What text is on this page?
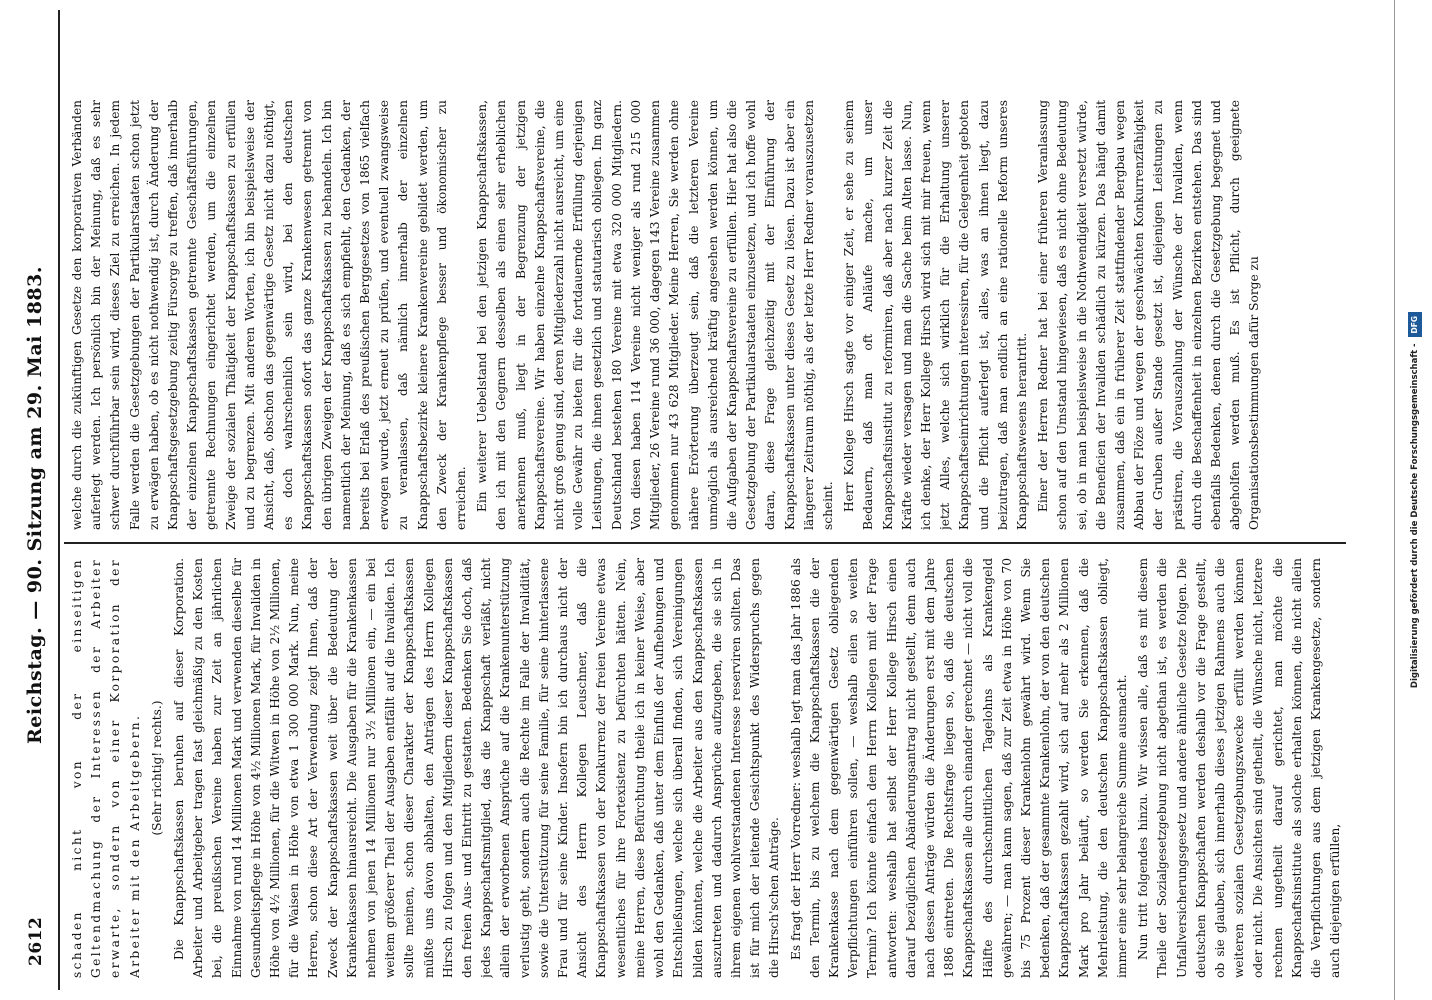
2612
Reichstag. — 90. Sitzung am 29. Mai 1883.

schaden nicht von der einseitigen Geltendmachung der Interessen der Arbeiter erwarte, sondern von einer Korporation der Arbeiter mit den Arbeitgebern. (Sehr richtig! rechts.) Die Knappschaftskassen beruhen auf dieser Korporation. Arbeiter und Arbeitgeber tragen fast gleichmäßig zu den Kosten bei, die preußischen Vereine haben zur Zeit an jährlichen Einnahme von rund 14 Millionen Mark und verwenden dieselbe für Gesundheitspflege in Höhe von 4½ Millionen Mark, für Invaliden in Höhe von 4½ Millionen, für die Witwen in Höhe von 2½ Millionen, für die Waisen in Höhe von etwa 1 300 000 Mark. Nun, meine Herren, schon diese Art der Verwendung zeigt Ihnen, daß der Zweck der Knappschaftskassen weit über die Bedeutung der Krankenkassen hinausreicht. Die Ausgaben für die Krankenkassen nehmen von jenen 14 Millionen nur 3½ Millionen ein, — ein bei weitem größerer Theil der Ausgaben entfällt auf die Invaliden. Ich sollte meinen, schon dieser Charakter der Knappschaftskassen müßte uns davon abhalten, den Anträgen des Herrn Kollegen Hirsch zu folgen und den Mitgliedern dieser Knappschaftskassen den freien Aus- und Eintritt zu gestatten. Bedenken Sie doch, daß jedes Knappschaftsmitglied, das die Knappschaft verläßt, nicht allein der erworbenen Ansprüche auf die Krankenunterstützung verlustig geht, sondern auch die Rechte im Falle der Invalidität, sowie die Unterstützung für seine Familie, für seine hinterlassene Frau und für seine Kinder. Insofern bin ich durchaus nicht der Ansicht des Herrn Kollegen Leuschner, daß die Knappschaftskassen von der Konkurrenz der freien Vereine etwas wesentliches für ihre Fortexistenz zu befürchten hätten. Nein, meine Herren, diese Befürchtung theile ich in keiner Weise, aber wohl den Gedanken, daß unter dem Einfluß der Aufhebungen und Entschließungen, welche sich überall finden, sich Vereinigungen bilden könnten, welche die Arbeiter aus den Knappschaftskassen auszutreten und dadurch Ansprüche aufzugeben, die sie sich in ihrem eigenen wohlverstandenen Interesse reserviren sollten. Das ist für mich der leitende Gesichtspunkt des Widerspruchs gegen die Hirsch'schen Anträge. Es fragt der Herr Vorredner: weshalb legt man das Jahr 1886 als den Termin, bis zu welchem die Knappschaftskassen die der Krankenkasse nach dem gegenwärtigen Gesetz obliegenden Verpflichtungen einführen sollen, — weshalb eilen so weiten Termin? Ich könnte einfach dem Herrn Kollegen mit der Frage antworten: weshalb hat selbst der Herr Kollege Hirsch einen darauf bezüglichen Abänderungsantrag nicht gestellt, denn auch nach dessen Anträge würden die Änderungen erst mit dem Jahre 1886 eintreten. Die Rechtsfrage liegen so, daß die deutschen Knappschaftskassen alle durch einander gerechnet — nicht voll die Hälfte des durchschnittlichen Tagelohns als Krankengeld gewähren; — man kann sagen, daß zur Zeit etwa in Höhe von 70 bis 75 Prozent dieser Krankenlohn gewährt wird. Wenn Sie bedenken, daß der gesammte Krankenlohn, der von den deutschen Knappschaftskassen gezahlt wird, sich auf mehr als 2 Millionen Mark pro Jahr beläuft, so werden Sie erkennen, daß die Mehrleistung, die den deutschen Knappschaftskassen obliegt, immer eine sehr belangreiche Summe ausmacht. Nun tritt folgendes hinzu. Wir wissen alle, daß es mit diesem Theile der Sozialgesetzgebung nicht abgethan ist, es werden die Unfallversicherungsgesetz und andere ähnliche Gesetze folgen. Die deutschen Knappschaften werden deshalb vor die Frage gestellt, ob sie glauben, sich innerhalb dieses jetzigen Rahmens auch die weiteren sozialen Gesetzgebungszwecke erfüllt werden können oder nicht. Die Ansichten sind getheilt, die Wünsche nicht, letztere rechnen ungetheilt darauf gerichtet, man möchte die Knappschaftsinstitute als solche erhalten können, die nicht allein die Verpflichtungen aus dem jetzigen Krankengesetze, sondern auch diejenigen erfüllen,

welche durch die zukünftigen Gesetze den korporativen Verbänden auferlegt werden. Ich persönlich bin der Meinung, daß es sehr schwer durchführbar sein wird, dieses Ziel zu erreichen. In jedem Falle werden die Gesetzgebungen der Partikularstaaten schon jetzt zu erwägen haben, ob es nicht nothwendig ist, durch Änderung der Knappschaftsgesetzgebung zeitig Fürsorge zu treffen, daß innerhalb der einzelnen Knappschaftskassen getrennte Geschäftsführungen, getrennte Rechnungen eingerichtet werden, um die einzelnen Zweige der sozialen Thätigkeit der Knappschaftskassen zu erfüllen und zu begrenzen. Mit anderen Worten, ich bin beispielsweise der Ansicht, daß, obschon das gegenwärtige Gesetz nicht dazu nöthigt, es doch wahrscheinlich sein wird, bei den deutschen Knappschaftskassen sofort das ganze Krankenwesen getrennt von den übrigen Zweigen der Knappschaftskassen zu behandeln. Ich bin namentlich der Meinung, daß es sich empfiehlt, den Gedanken, der bereits bei Erlaß des preußischen Berggesetzes von 1865 vielfach erwogen wurde, jetzt erneut zu prüfen, und eventuell zwangsweise zu veranlassen, daß nämlich innerhalb der einzelnen Knappschaftsbezirke kleinere Krankenvereine gebildet werden, um den Zweck der Krankenpflege besser und ökonomischer zu erreichen. Ein weiterer Uebelstand bei den jetzigen Knappschaftskassen, den ich mit den Gegnern desselben als einen sehr erheblichen anerkennen muß, liegt in der Begrenzung der jetzigen Knappschaftsvereine. Wir haben einzelne Knappschaftsvereine, die nicht groß genug sind, deren Mitgliederzahl nicht ausreicht, um eine volle Gewähr zu bieten für die fortdauernde Erfüllung derjenigen Leistungen, die ihnen gesetzlich und statutarisch obliegen. Im ganz Deutschland bestehen 180 Vereine mit etwa 320 000 Mitgliedern. Von diesen haben 114 Vereine nicht weniger als rund 215 000 Mitglieder, 26 Vereine rund 36 000, dagegen 143 Vereine zusammen genommen nur 43 628 Mitglieder. Meine Herren, Sie werden ohne nähere Erörterung überzeugt sein, daß die letzteren Vereine unmöglich als ausreichend kräftig angesehen werden können, um die Aufgaben der Knappschaftsvereine zu erfüllen. Hier hat also die Gesetzgebung der Partikularstaaten einzusetzen, und ich hoffe wohl daran, diese Frage gleichzeitig mit der Einführung der Knappschaftskassen unter dieses Gesetz zu lösen. Dazu ist aber ein längerer Zeitraum nöthig, als der letzte Herr Redner vorauszusetzen scheint. Herr Kollege Hirsch sagte vor einiger Zeit, er sehe zu seinem Bedauern, daß man oft Anläufe mache, um unser Knappschaftsinstitut zu reformiren, daß aber nach kurzer Zeit die Kräfte wieder versagen und man die Sache beim Alten lasse. Nun, ich denke, der Herr Kollege Hirsch wird sich mit mir freuen, wenn jetzt Alles, welche sich wirklich für die Erhaltung unserer Knappschaftseinrichtungen interessiren, für die Gelegenheit geboten und die Pflicht auferlegt ist, alles, was an ihnen liegt, dazu beizutragen, daß man endlich an eine rationelle Reform unseres Knappschaftswesens herantritt. Einer der Herren Redner hat bei einer früheren Veranlassung schon auf den Umstand hingewiesen, daß es nicht ohne Bedeutung sei, ob in man beispielsweise in die Nothwendigkeit versetzt würde, die Beneficien der Invaliden schädlich zu kürzen. Das hängt damit zusammen, daß ein in früherer Zeit stattfindender Bergbau wegen Abbau der Flöze und wegen der geschwächten Konkurrenzfähigkeit der Gruben außer Stande gesetzt ist, diejenigen Leistungen zu prästiren, die Vorauszahlung der Wünsche der Invaliden, wenn durch die Beschaffenheit in einzelnen Bezirken entstehen. Das sind ebenfalls Bedenken, denen durch die Gesetzgebung begegnet und abgeholfen werden muß. Es ist Pflicht, durch geeignete Organisationsbestimmungen dafür Sorge zu	Digitalisierung gefördert durch die Deutsche Forschungsgemeinschaft - DFG
